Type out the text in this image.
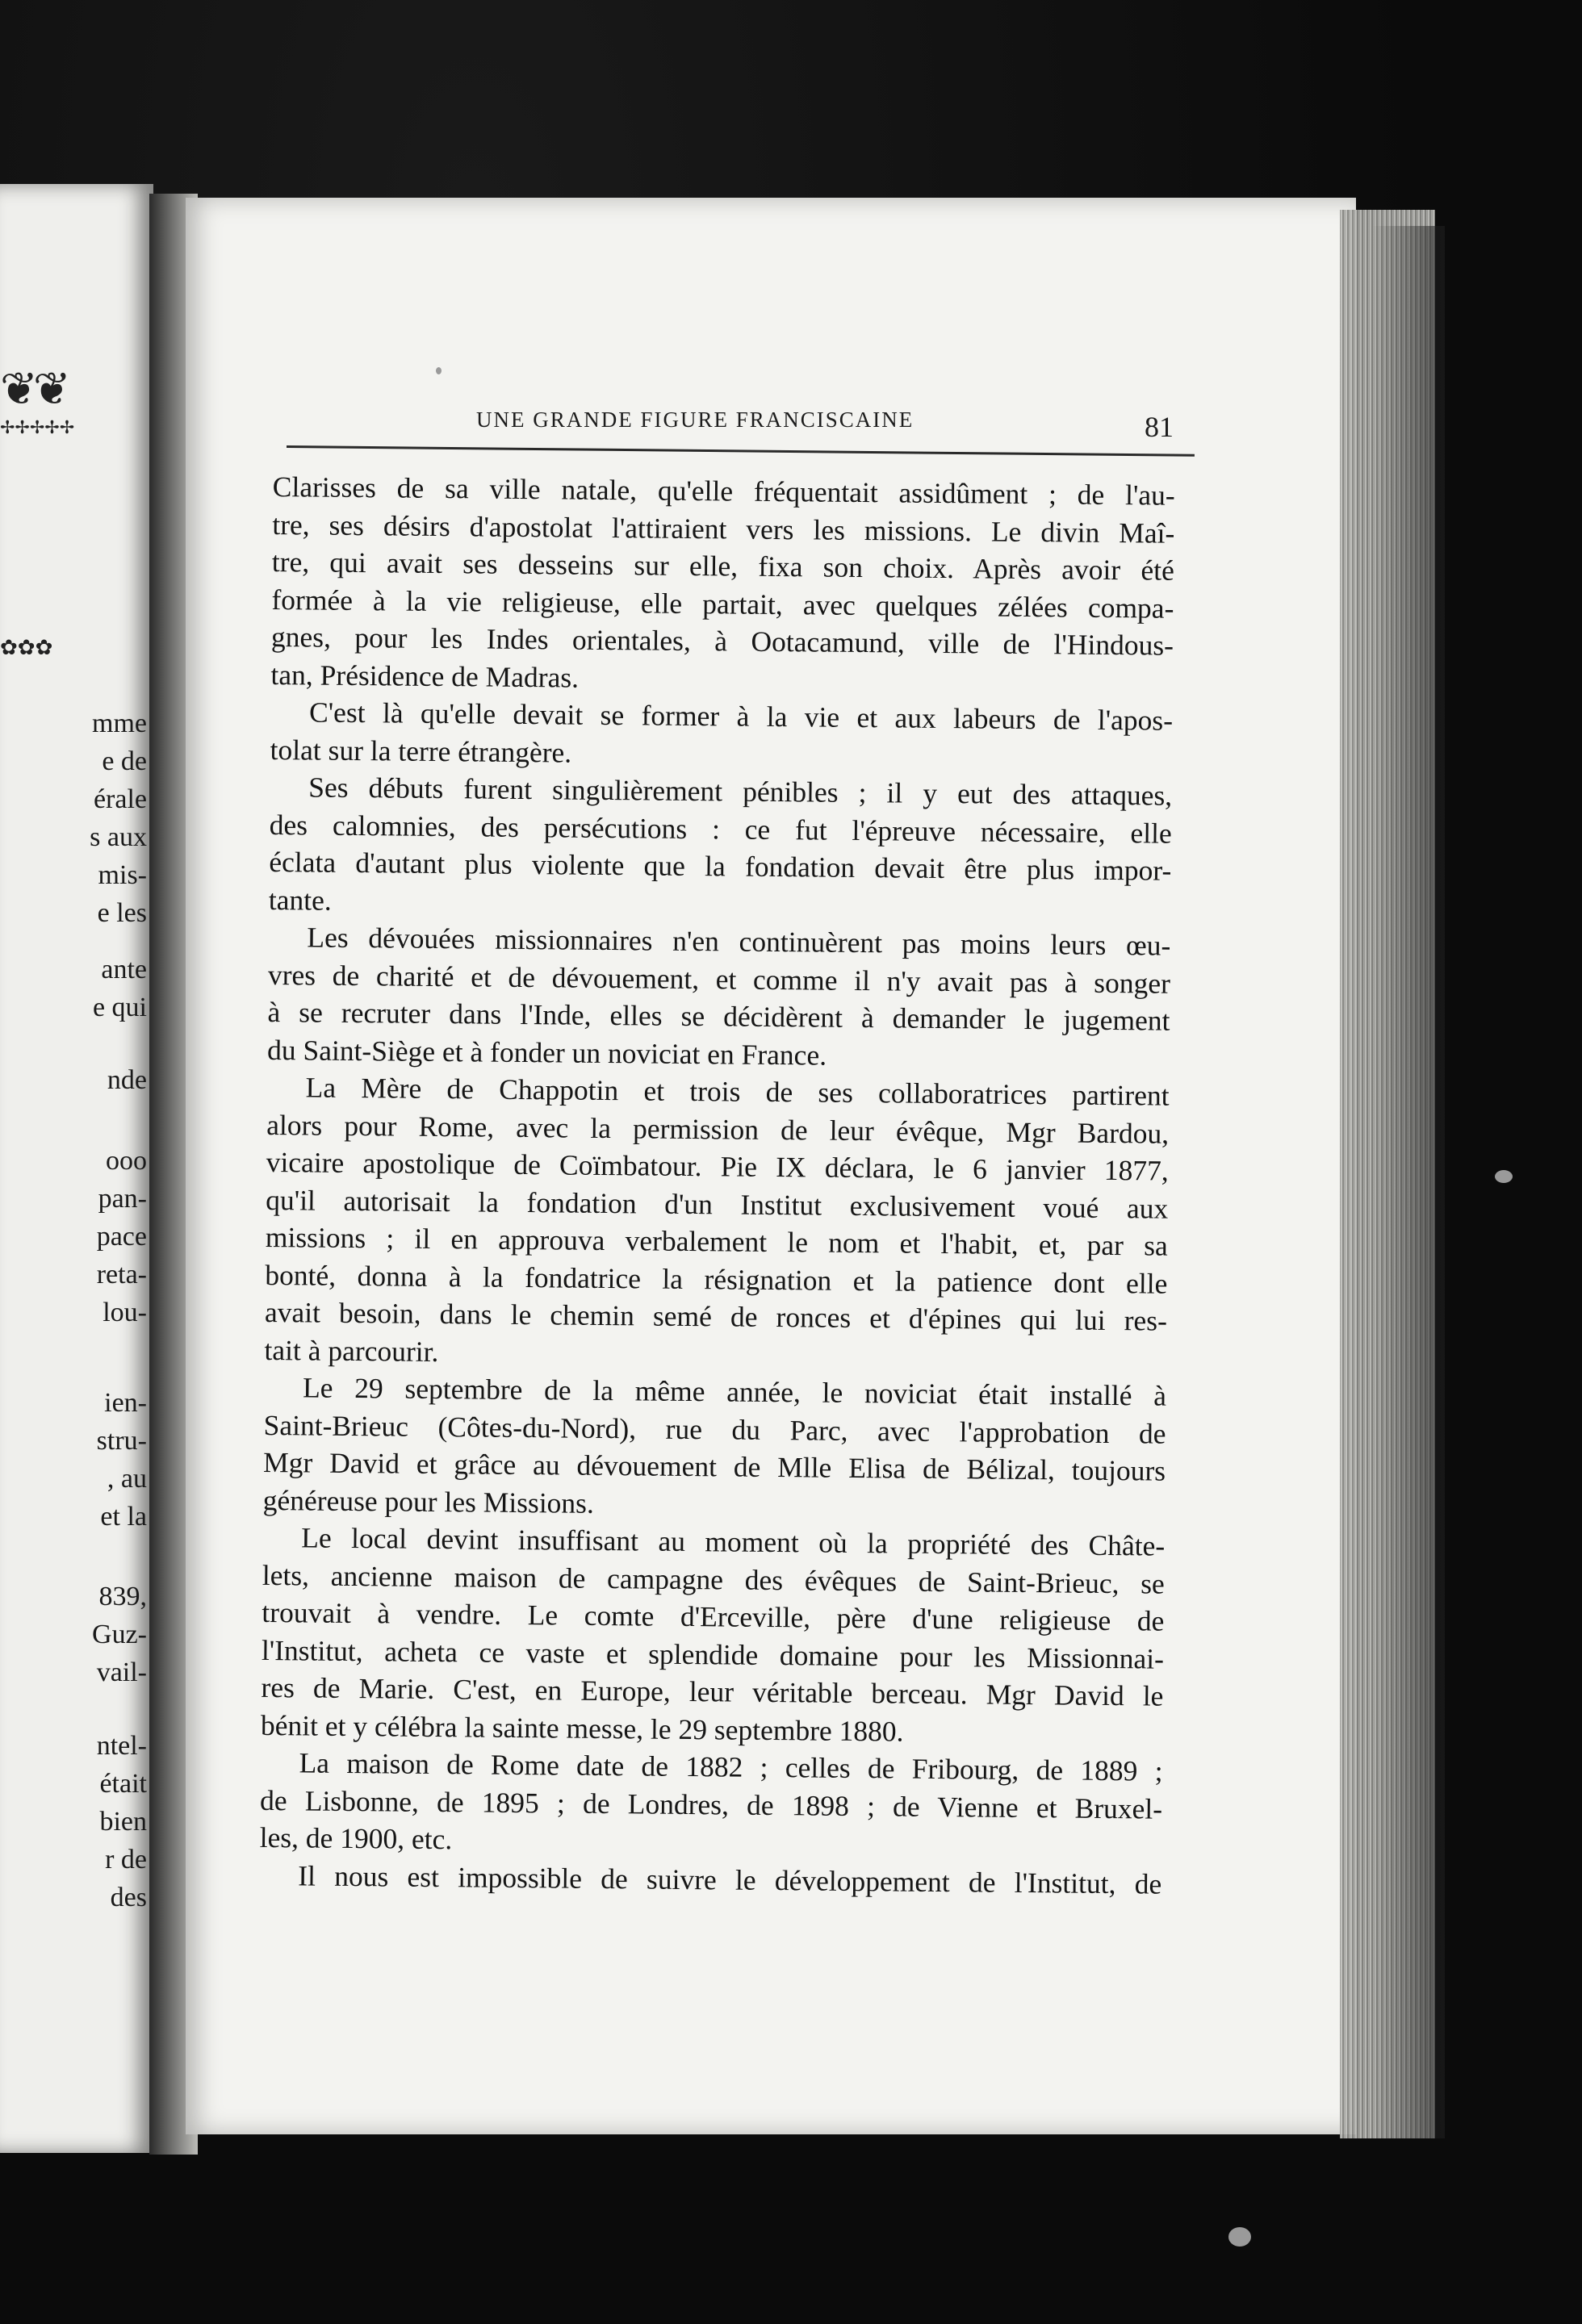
❦❦
✢✢✢✢✢
✿✿✿
mme
e de
érale
s aux
mis-
e les
ante
e qui
nde
ooo
pan-
pace
reta-
lou-
ien-
stru-
, au
et la
839,
Guz-
vail-
ntel-
était
bien
r de
des
UNE GRANDE FIGURE FRANCISCAINE	81
Clarisses de sa ville natale, qu'elle fréquentait assidûment ; de l'au-
tre, ses désirs d'apostolat l'attiraient vers les missions. Le divin Maî-
tre, qui avait ses desseins sur elle, fixa son choix. Après avoir été
formée à la vie religieuse, elle partait, avec quelques zélées compa-
gnes, pour les Indes orientales, à Ootacamund, ville de l'Hindous-
tan, Présidence de Madras.
C'est là qu'elle devait se former à la vie et aux labeurs de l'apos-
tolat sur la terre étrangère.
Ses débuts furent singulièrement pénibles ; il y eut des attaques,
des calomnies, des persécutions : ce fut l'épreuve nécessaire, elle
éclata d'autant plus violente que la fondation devait être plus impor-
tante.
Les dévouées missionnaires n'en continuèrent pas moins leurs œu-
vres de charité et de dévouement, et comme il n'y avait pas à songer
à se recruter dans l'Inde, elles se décidèrent à demander le jugement
du Saint-Siège et à fonder un noviciat en France.
La Mère de Chappotin et trois de ses collaboratrices partirent
alors pour Rome, avec la permission de leur évêque, Mgr Bardou,
vicaire apostolique de Coïmbatour. Pie IX déclara, le 6 janvier 1877,
qu'il autorisait la fondation d'un Institut exclusivement voué aux
missions ; il en approuva verbalement le nom et l'habit, et, par sa
bonté, donna à la fondatrice la résignation et la patience dont elle
avait besoin, dans le chemin semé de ronces et d'épines qui lui res-
tait à parcourir.
Le 29 septembre de la même année, le noviciat était installé à
Saint-Brieuc (Côtes-du-Nord), rue du Parc, avec l'approbation de
Mgr David et grâce au dévouement de Mlle Elisa de Bélizal, toujours
généreuse pour les Missions.
Le local devint insuffisant au moment où la propriété des Châte-
lets, ancienne maison de campagne des évêques de Saint-Brieuc, se
trouvait à vendre. Le comte d'Erceville, père d'une religieuse de
l'Institut, acheta ce vaste et splendide domaine pour les Missionnai-
res de Marie. C'est, en Europe, leur véritable berceau. Mgr David le
bénit et y célébra la sainte messe, le 29 septembre 1880.
La maison de Rome date de 1882 ; celles de Fribourg, de 1889 ;
de Lisbonne, de 1895 ; de Londres, de 1898 ; de Vienne et Bruxel-
les, de 1900, etc.
Il nous est impossible de suivre le développement de l'Institut, de
